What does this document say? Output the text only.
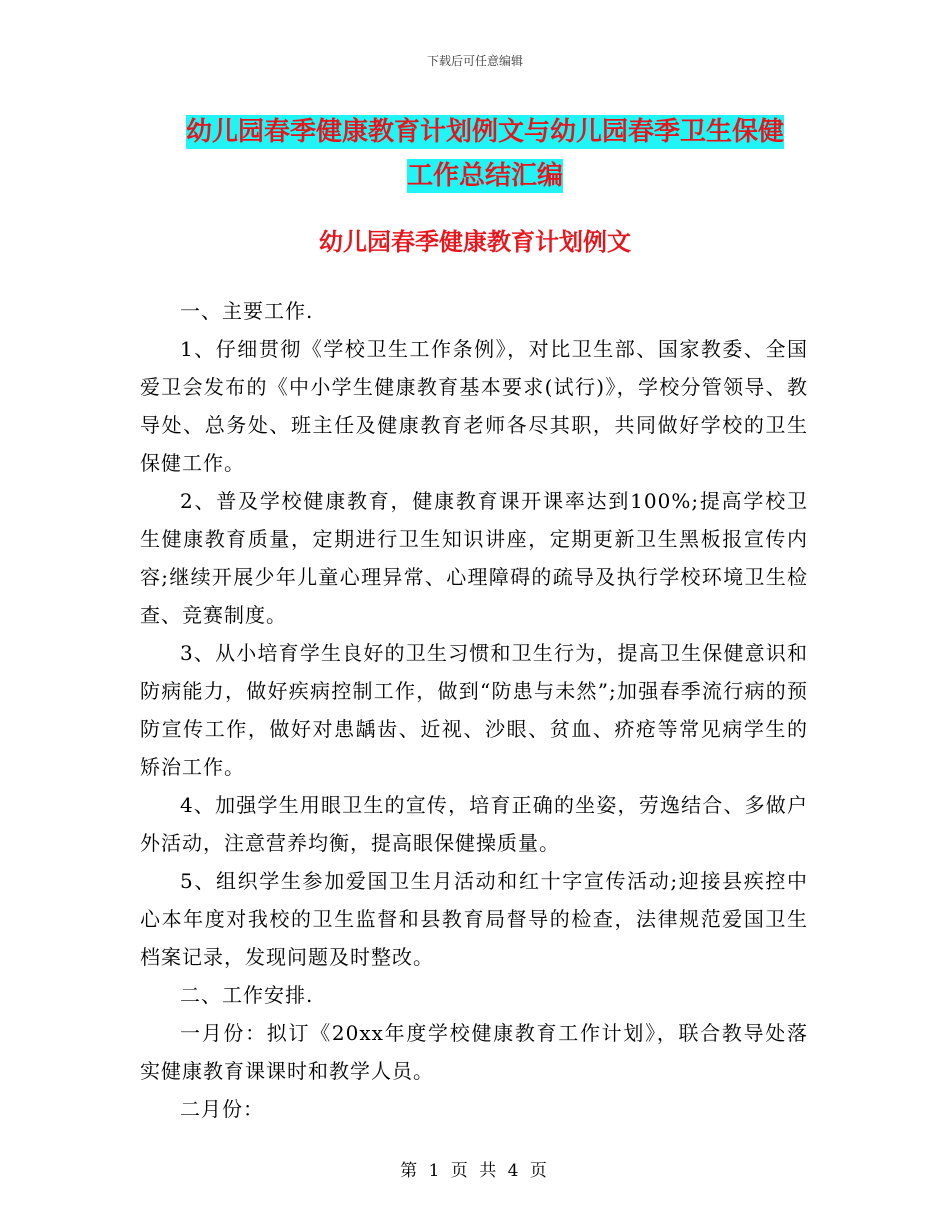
下载后可任意编辑
幼儿园春季健康教育计划例文与幼儿园春季卫生保健
工作总结汇编
幼儿园春季健康教育计划例文

一、主要工作.

1、仔细贯彻《学校卫生工作条例》，对比卫生部、国家教委、全国爱卫会发布的《中小学生健康教育基本要求(试行)》，学校分管领导、教导处、总务处、班主任及健康教育老师各尽其职，共同做好学校的卫生保健工作。

2、普及学校健康教育，健康教育课开课率达到100%;提高学校卫生健康教育质量，定期进行卫生知识讲座，定期更新卫生黑板报宣传内容;继续开展少年儿童心理异常、心理障碍的疏导及执行学校环境卫生检查、竞赛制度。

3、从小培育学生良好的卫生习惯和卫生行为，提高卫生保健意识和防病能力，做好疾病控制工作，做到“防患与未然”;加强春季流行病的预防宣传工作，做好对患龋齿、近视、沙眼、贫血、疥疮等常见病学生的矫治工作。

4、加强学生用眼卫生的宣传，培育正确的坐姿，劳逸结合、多做户外活动，注意营养均衡，提高眼保健操质量。

5、组织学生参加爱国卫生月活动和红十字宣传活动;迎接县疾控中心本年度对我校的卫生监督和县教育局督导的检查，法律规范爱国卫生档案记录，发现问题及时整改。

二、工作安排.

一月份：拟订《20xx年度学校健康教育工作计划》，联合教导处落实健康教育课课时和教学人员。

二月份：

第 1 页 共 4 页
